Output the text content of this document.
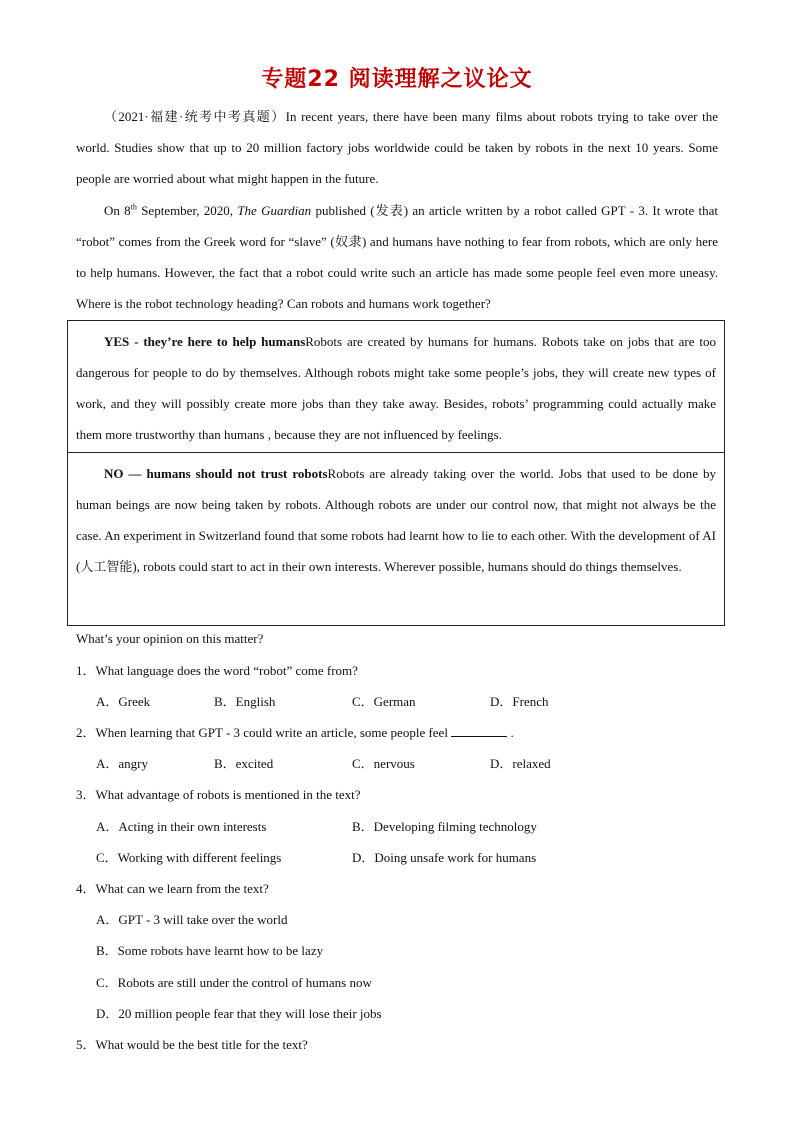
专题22 阅读理解之议论文
（2021·福建·统考中考真题）In recent years, there have been many films about robots trying to take over the world. Studies show that up to 20 million factory jobs worldwide could be taken by robots in the next 10 years. Some people are worried about what might happen in the future.
On 8th September, 2020, The Guardian published (发表) an article written by a robot called GPT - 3. It wrote that “robot” comes from the Greek word for “slave” (奴隶) and humans have nothing to fear from robots, which are only here to help humans. However, the fact that a robot could write such an article has made some people feel even more uneasy. Where is the robot technology heading? Can robots and humans work together?
YES - they’re here to help humansRobots are created by humans for humans. Robots take on jobs that are too dangerous for people to do by themselves. Although robots might take some people’s jobs, they will create new types of work, and they will possibly create more jobs than they take away. Besides, robots’ programming could actually make them more trustworthy than humans , because they are not influenced by feelings.
NO — humans should not trust robotsRobots are already taking over the world. Jobs that used to be done by human beings are now being taken by robots. Although robots are under our control now, that might not always be the case. An experiment in Switzerland found that some robots had learnt how to lie to each other. With the development of AI (人工智能), robots could start to act in their own interests. Wherever possible, humans should do things themselves.
What’s your opinion on this matter?
1．What language does the word “robot” come from?
A．Greek	B．English	C．German	D．French
2．When learning that GPT - 3 could write an article, some people feel	.
A．angry	B．excited	C．nervous	D．relaxed
3．What advantage of robots is mentioned in the text?
A．Acting in their own interests	B．Developing filming technology
C．Working with different feelings	D．Doing unsafe work for humans
4．What can we learn from the text?
A．GPT - 3 will take over the world
B．Some robots have learnt how to be lazy
C．Robots are still under the control of humans now
D．20 million people fear that they will lose their jobs
5．What would be the best title for the text?
